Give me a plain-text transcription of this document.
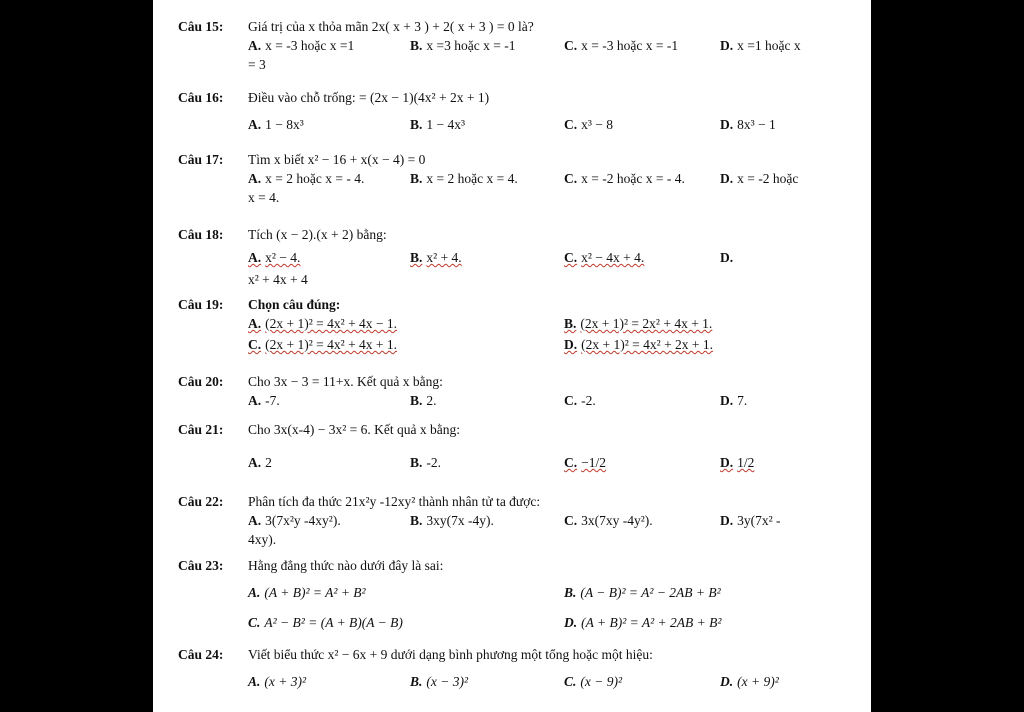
Câu 15:	Giá trị của x thỏa mãn 2x( x + 3 ) + 2( x + 3 ) = 0 là?
A. x = -3 hoặc x =1	B. x =3 hoặc x = -1	C. x = -3 hoặc x = -1	D. x =1 hoặc x
= 3
Câu 16:	Điều vào chỗ trống: = (2x − 1)(4x² + 2x + 1)
A. 1 − 8x³	B. 1 − 4x³	C. x³ − 8	D. 8x³ − 1
Câu 17:	Tìm x biết x² − 16 + x(x − 4) = 0
A. x = 2 hoặc x = - 4.	B. x = 2 hoặc x = 4.	C. x = -2 hoặc x = - 4.	D. x = -2 hoặc
x = 4.
Câu 18:	Tích (x − 2).(x + 2) bằng:
A. x² − 4.	B. x² + 4.	C. x² − 4x + 4.	D.
x² + 4x + 4
Câu 19:	Chọn câu đúng:
A. (2x + 1)² = 4x² + 4x − 1.	B. (2x + 1)² = 2x² + 4x + 1.
C. (2x + 1)² = 4x² + 4x + 1.	D. (2x + 1)² = 4x² + 2x + 1.
Câu 20:	Cho 3x − 3 = 11+x. Kết quả x bằng:
A. -7.	B. 2.	C. -2.	D. 7.
Câu 21:	Cho 3x(x-4) − 3x² = 6. Kết quả x bằng:
A. 2	B. -2.	C. −1/2	D. 1/2
Câu 22:	Phân tích đa thức 21x²y -12xy² thành nhân tử ta được:
A. 3(7x²y -4xy²).	B. 3xy(7x -4y).	C. 3x(7xy -4y²).	D. 3y(7x² -
4xy).
Câu 23:	Hằng đẳng thức nào dưới đây là sai:
A. (A + B)² = A² + B²	B. (A − B)² = A² − 2AB + B²
C. A² − B² = (A + B)(A − B)	D. (A + B)² = A² + 2AB + B²
Câu 24:	Viết biểu thức x² − 6x + 9 dưới dạng bình phương một tổng hoặc một hiệu:
A. (x + 3)²	B. (x − 3)²	C. (x − 9)²	D. (x + 9)²
